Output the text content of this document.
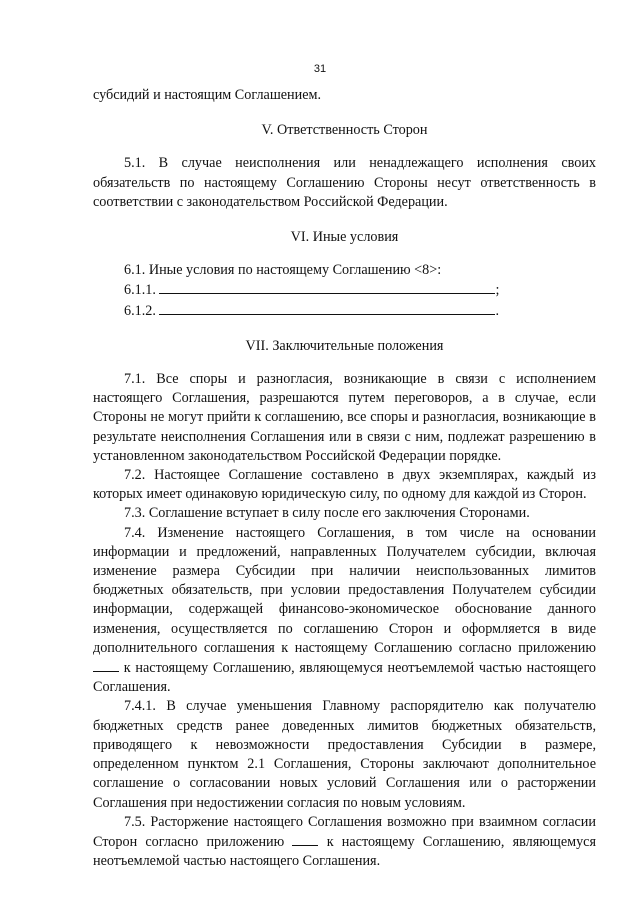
31

субсидий и настоящим Соглашением.

V. Ответственность Сторон

5.1. В случае неисполнения или ненадлежащего исполнения своих обязательств по настоящему Соглашению Стороны несут ответственность в соответствии с законодательством Российской Федерации.

VI. Иные условия

6.1. Иные условия по настоящему Соглашению <8>:

6.1.1.	;

6.1.2.	.

VII. Заключительные положения

7.1. Все споры и разногласия, возникающие в связи с исполнением настоящего Соглашения, разрешаются путем переговоров, а в случае, если Стороны не могут прийти к соглашению, все споры и разногласия, возникающие в результате неисполнения Соглашения или в связи с ним, подлежат разрешению в установленном законодательством Российской Федерации порядке.

7.2. Настоящее Соглашение составлено в двух экземплярах, каждый из которых имеет одинаковую юридическую силу, по одному для каждой из Сторон.

7.3. Соглашение вступает в силу после его заключения Сторонами.

7.4. Изменение настоящего Соглашения, в том числе на основании информации и предложений, направленных Получателем субсидии, включая изменение размера Субсидии при наличии неиспользованных лимитов бюджетных обязательств, при условии предоставления Получателем субсидии информации, содержащей финансово-экономическое обоснование данного изменения, осуществляется по соглашению Сторон и оформляется в виде дополнительного соглашения к настоящему Соглашению согласно приложению  к настоящему Соглашению, являющемуся неотъемлемой частью настоящего Соглашения.

7.4.1. В случае уменьшения Главному распорядителю как получателю бюджетных средств ранее доведенных лимитов бюджетных обязательств, приводящего к невозможности предоставления Субсидии в размере, определенном пунктом 2.1 Соглашения, Стороны заключают дополнительное соглашение о согласовании новых условий Соглашения или о расторжении Соглашения при недостижении согласия по новым условиям.

7.5. Расторжение настоящего Соглашения возможно при взаимном согласии Сторон согласно приложению	к настоящему Соглашению, являющемуся неотъемлемой частью настоящего Соглашения.
